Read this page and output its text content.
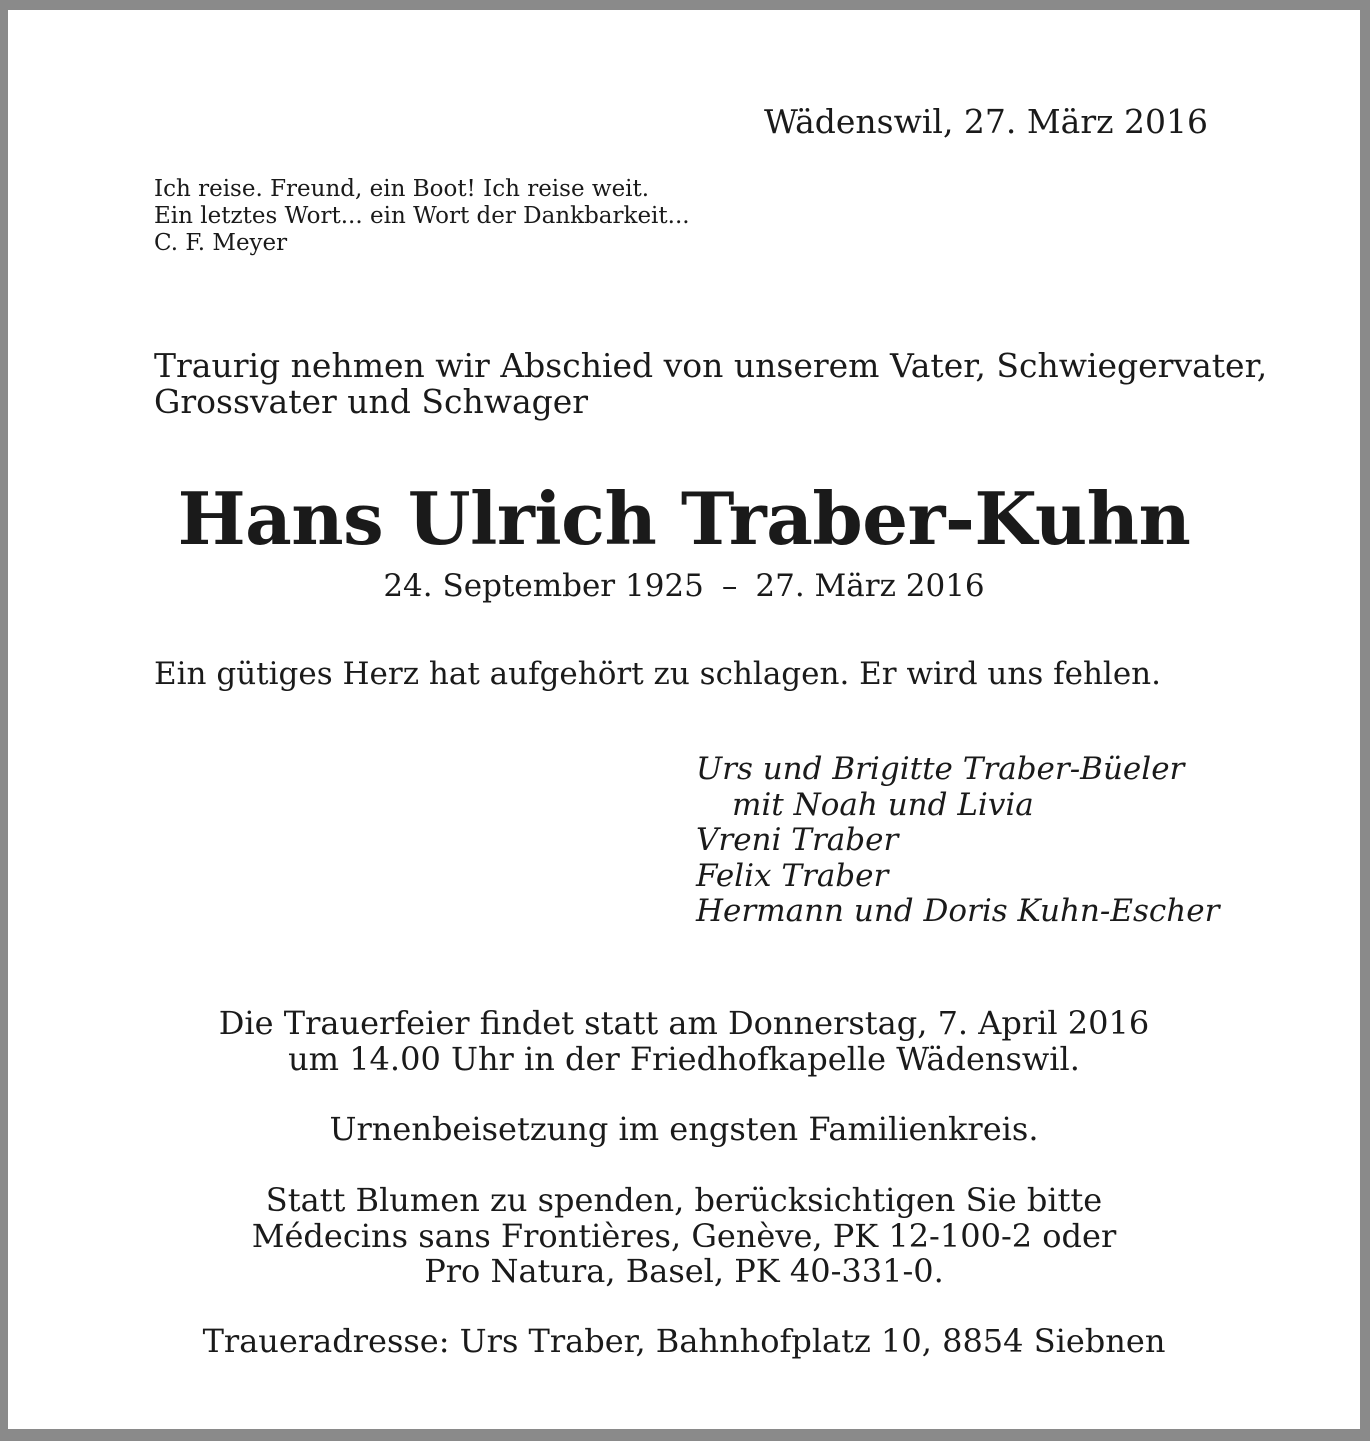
Wädenswil, 27. März 2016
Ich reise. Freund, ein Boot! Ich reise weit.
Ein letztes Wort... ein Wort der Dankbarkeit...
C. F. Meyer
Traurig nehmen wir Abschied von unserem Vater, Schwiegervater,
Grossvater und Schwager
Hans Ulrich Traber-Kuhn
24. September 1925 – 27. März 2016
Ein gütiges Herz hat aufgehört zu schlagen. Er wird uns fehlen.
Urs und Brigitte Traber-Büeler
mit Noah und Livia
Vreni Traber
Felix Traber
Hermann und Doris Kuhn-Escher
Die Trauerfeier findet statt am Donnerstag, 7. April 2016
um 14.00 Uhr in der Friedhofkapelle Wädenswil.
Urnenbeisetzung im engsten Familienkreis.
Statt Blumen zu spenden, berücksichtigen Sie bitte
Médecins sans Frontières, Genève, PK 12-100-2 oder
Pro Natura, Basel, PK 40-331-0.
Traueradresse: Urs Traber, Bahnhofplatz 10, 8854 Siebnen
